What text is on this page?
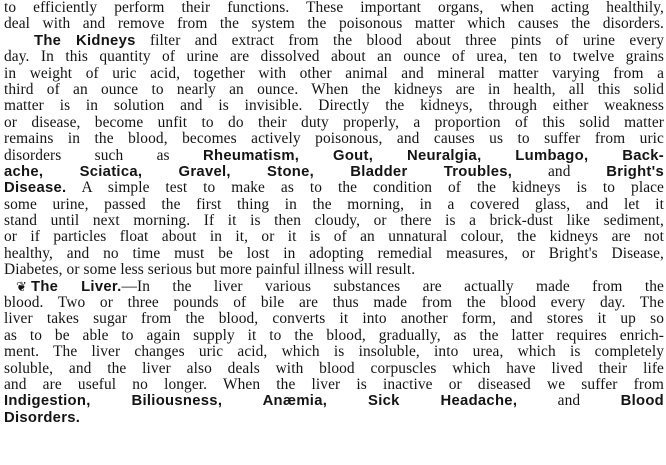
to efficiently perform their functions. These important organs, when acting healthily,
deal with and remove from the system the poisonous matter which causes the disorders.
The Kidneys filter and extract from the blood about three pints of urine every
day. In this quantity of urine are dissolved about an ounce of urea, ten to twelve grains
in weight of uric acid, together with other animal and mineral matter varying from a
third of an ounce to nearly an ounce. When the kidneys are in health, all this solid
matter is in solution and is invisible. Directly the kidneys, through either weakness
or disease, become unfit to do their duty properly, a proportion of this solid matter
remains in the blood, becomes actively poisonous, and causes us to suffer from uric
disorders such as Rheumatism, Gout, Neuralgia, Lumbago, Back-
ache, Sciatica, Gravel, Stone, Bladder Troubles, and Bright's
Disease. A simple test to make as to the condition of the kidneys is to place
some urine, passed the first thing in the morning, in a covered glass, and let it
stand until next morning. If it is then cloudy, or there is a brick-dust like sediment,
or if particles float about in it, or it is of an unnatural colour, the kidneys are not
healthy, and no time must be lost in adopting remedial measures, or Bright's Disease,
Diabetes, or some less serious but more painful illness will result.
❦ The Liver.—In the liver various substances are actually made from the
blood. Two or three pounds of bile are thus made from the blood every day. The
liver takes sugar from the blood, converts it into another form, and stores it up so
as to be able to again supply it to the blood, gradually, as the latter requires enrich-
ment. The liver changes uric acid, which is insoluble, into urea, which is completely
soluble, and the liver also deals with blood corpuscles which have lived their life
and are useful no longer. When the liver is inactive or diseased we suffer from
Indigestion, Biliousness, Anæmia, Sick Headache, and Blood
Disorders.
